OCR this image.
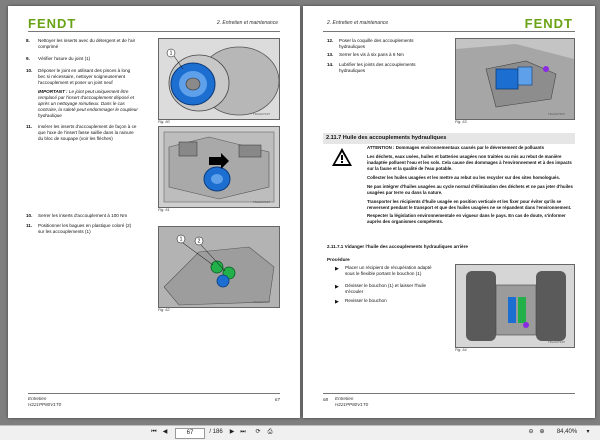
FENDT	2. Entretien et maintenance
8. Nettoyer les inserts avec du détergent et de l'air comprimé

9. Vérifier l'usure du joint (1)

10. Déposer le joint en utilisant des pinces à long bec si nécessaire, nettoyer soigneusement l'accouplement et poser un joint neuf

IMPORTANT : Le joint peut uniquement être remplacé par l'insert d'accouplement déposé et après un nettoyage minutieux. Dans le cas contraire, la saleté peut endommager le coupleur hydraulique

11. Insérer les inserts d'accouplement de façon à ce que l'axe de l'insert fasse saillie dans la rainure du bloc de soupape (voir les flèches)

1
Fig. 60
TRL21073/07
Fig. 61
TRL21073/07
10. Serrer les inserts d'accouplement à 100 Nm

11. Positionner les bagues en plastique coloré (2) sur les accouplements (1)

1	2
Fig. 62
TRL21073/07
Entretien
H221PP80V1T0
67
FENDT
2. Entretien et maintenance
12. Poser la coquille des accouplements hydrauliques

13. Serrer les vis à six pans à 6 Nm

14. Lubrifier les joints des accouplements hydrauliques

Fig. 63
TRL21073/07
2.11.7 Huile des accouplements hydrauliques

ATTENTION : Dommages environnementaux causés par le déversement de polluants

Les déchets, eaux usées, huiles et batteries usagées non traitées ou mis au rebut de manière inadaptée polluent l'eau et les sols. Cela cause des dommages à l'environnement et à des impacts sur la faune et la qualité de l'eau potable.

Collecter les huiles usagées et les mettre au rebut ou les recycler sur des sites homologués.

Ne pas intégrer d'huiles usagées au cycle normal d'élimination des déchets et ne pas jeter d'huiles usagées par terre ou dans la nature.

Transporter les récipients d'huile usagée en position verticale et les fixer pour éviter qu'ils se renversent pendant le transport et que des huiles usagées ne se répandent dans l'environnement.

Respecter la législation environnementale en vigueur dans le pays. En cas de doute, s'informer auprès des organismes compétents.

2.11.7.1 Vidanger l'huile des accouplements hydrauliques arrière
Procédure
▶ Placer un récipient de récupération adapté sous le flexible portant le bouchon (1)
▶ Dévisser le bouchon (1) et laisser l'huile s'écouler
▶ Revisser le bouchon
Fig. 64
TRL21073/07
Entretien
H221PP80V1T0
68
⏮ ◀	67	/ 186	▶ ⏭ ⟳ ⎙	⊖ ⊕	84,40%	▾
